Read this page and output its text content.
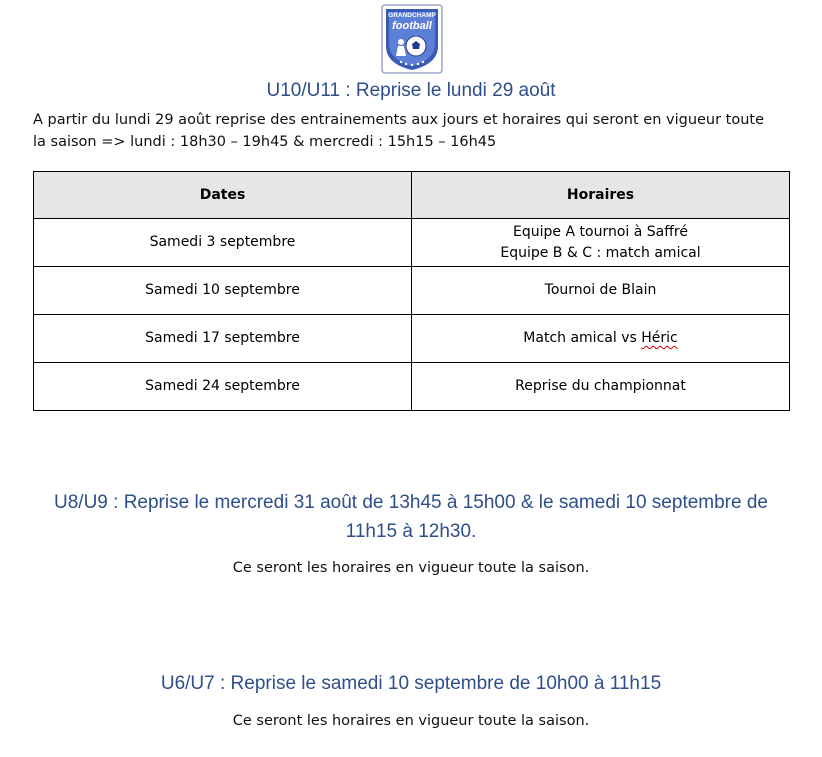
GRANDCHAMP
football
U10/U11 : Reprise le lundi 29 août
A partir du lundi 29 août reprise des entrainements aux jours et horaires qui seront en vigueur toute
la saison => lundi : 18h30 – 19h45 & mercredi : 15h15 – 16h45
Dates	Horaires
Samedi 3 septembre	Equipe A tournoi à Saffré
Equipe B & C : match amical

Samedi 10 septembre	Tournoi de Blain
Samedi 17 septembre	Match amical vs Héric
Samedi 24 septembre	Reprise du championnat
U8/U9 : Reprise le mercredi 31 août de 13h45 à 15h00 & le samedi 10 septembre de
11h15 à 12h30.
Ce seront les horaires en vigueur toute la saison.
U6/U7 : Reprise le samedi 10 septembre de 10h00 à 11h15
Ce seront les horaires en vigueur toute la saison.
